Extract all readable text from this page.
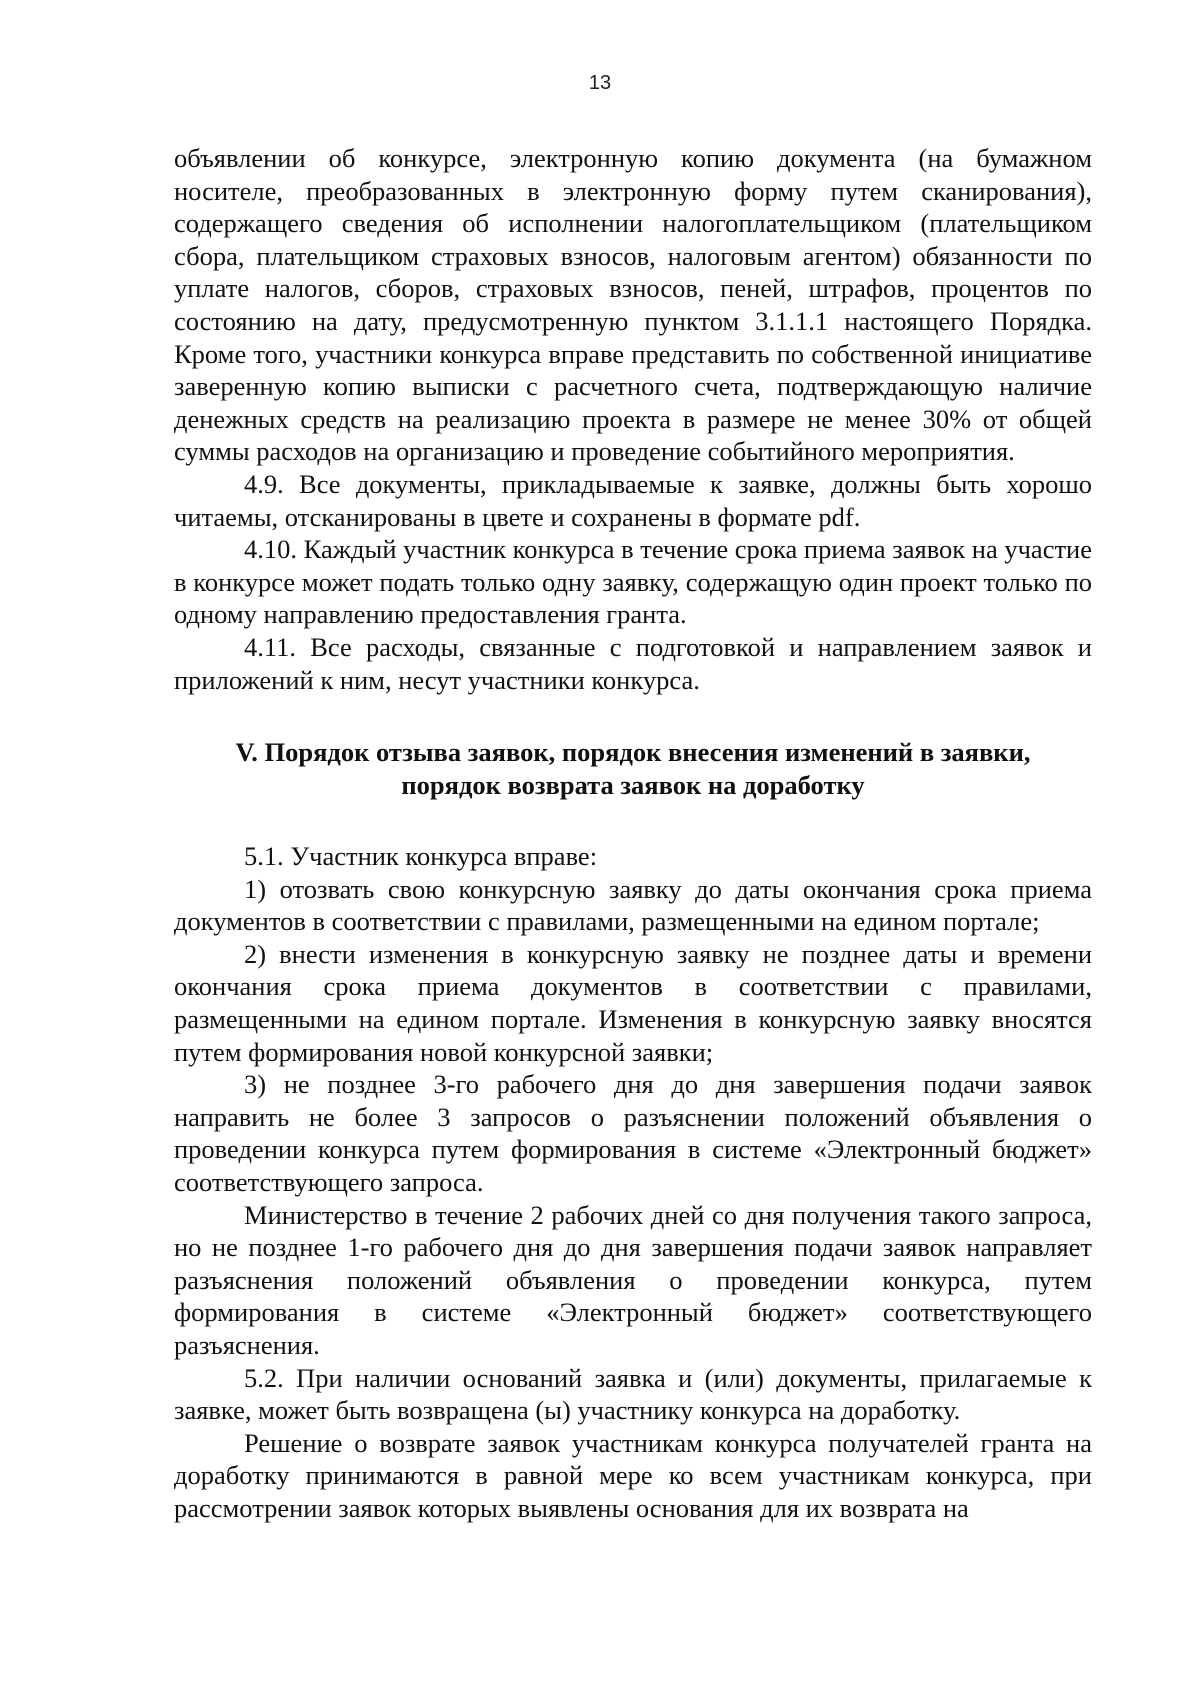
13

объявлении об конкурсе, электронную копию документа (на бумажном носителе, преобразованных в электронную форму путем сканирования), содержащего сведения об исполнении налогоплательщиком (плательщиком сбора, плательщиком страховых взносов, налоговым агентом) обязанности по уплате налогов, сборов, страховых взносов, пеней, штрафов, процентов по состоянию на дату, предусмотренную пунктом 3.1.1.1 настоящего Порядка. Кроме того, участники конкурса вправе представить по собственной инициативе заверенную копию выписки с расчетного счета, подтверждающую наличие денежных средств на реализацию проекта в размере не менее 30% от общей суммы расходов на организацию и проведение событийного мероприятия.

4.9. Все документы, прикладываемые к заявке, должны быть хорошо читаемы, отсканированы в цвете и сохранены в формате pdf.

4.10. Каждый участник конкурса в течение срока приема заявок на участие в конкурсе может подать только одну заявку, содержащую один проект только по одному направлению предоставления гранта.

4.11. Все расходы, связанные с подготовкой и направлением заявок и приложений к ним, несут участники конкурса.

V. Порядок отзыва заявок, порядок внесения изменений в заявки,
порядок возврата заявок на доработку

5.1. Участник конкурса вправе:

1) отозвать свою конкурсную заявку до даты окончания срока приема документов в соответствии с правилами, размещенными на едином портале;

2) внести изменения в конкурсную заявку не позднее даты и времени окончания срока приема документов в соответствии с правилами, размещенными на едином портале. Изменения в конкурсную заявку вносятся путем формирования новой конкурсной заявки;

3) не позднее 3-го рабочего дня до дня завершения подачи заявок направить не более 3 запросов о разъяснении положений объявления о проведении конкурса путем формирования в системе «Электронный бюджет» соответствующего запроса.

Министерство в течение 2 рабочих дней со дня получения такого запроса, но не позднее 1-го рабочего дня до дня завершения подачи заявок направляет разъяснения положений объявления о проведении конкурса, путем формирования в системе «Электронный бюджет» соответствующего разъяснения.

5.2. При наличии оснований заявка и (или) документы, прилагаемые к заявке, может быть возвращена (ы) участнику конкурса на доработку.

Решение о возврате заявок участникам конкурса получателей гранта на доработку принимаются в равной мере ко всем участникам конкурса, при рассмотрении заявок которых выявлены основания для их возврата на
